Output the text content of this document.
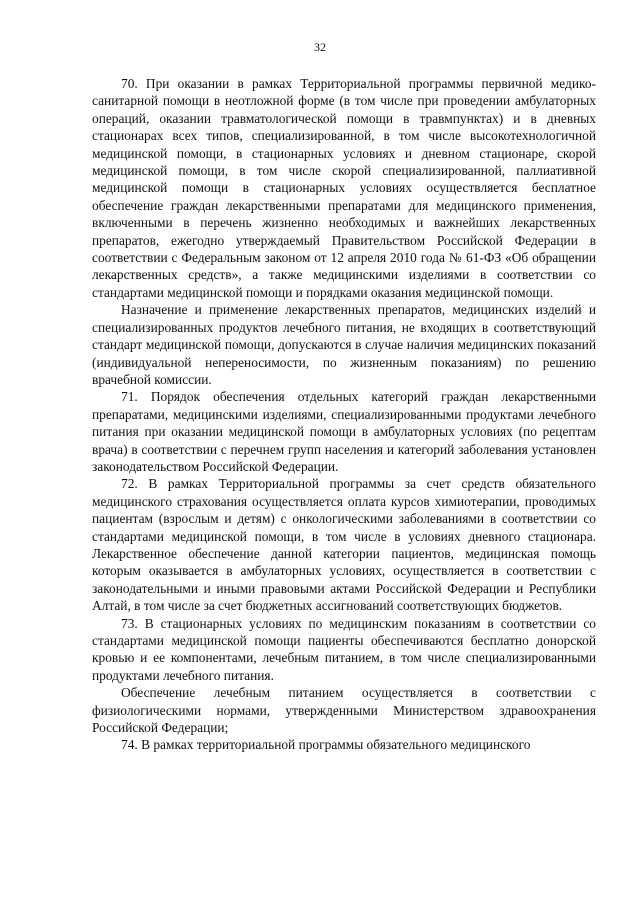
32

70. При оказании в рамках Территориальной программы первичной медико-санитарной помощи в неотложной форме (в том числе при проведении амбулаторных операций, оказании травматологической помощи в травмпунктах) и в дневных стационарах всех типов, специализированной, в том числе высокотехнологичной медицинской помощи, в стационарных условиях и дневном стационаре, скорой медицинской помощи, в том числе скорой специализированной, паллиативной медицинской помощи в стационарных условиях осуществляется бесплатное обеспечение граждан лекарственными препаратами для медицинского применения, включенными в перечень жизненно необходимых и важнейших лекарственных препаратов, ежегодно утверждаемый Правительством Российской Федерации в соответствии с Федеральным законом от 12 апреля 2010 года № 61-ФЗ «Об обращении лекарственных средств», а также медицинскими изделиями в соответствии со стандартами медицинской помощи и порядками оказания медицинской помощи.

Назначение и применение лекарственных препаратов, медицинских изделий и специализированных продуктов лечебного питания, не входящих в соответствующий стандарт медицинской помощи, допускаются в случае наличия медицинских показаний (индивидуальной непереносимости, по жизненным показаниям) по решению врачебной комиссии.

71. Порядок обеспечения отдельных категорий граждан лекарственными препаратами, медицинскими изделиями, специализированными продуктами лечебного питания при оказании медицинской помощи в амбулаторных условиях (по рецептам врача) в соответствии с перечнем групп населения и категорий заболевания установлен законодательством Российской Федерации.

72. В рамках Территориальной программы за счет средств обязательного медицинского страхования осуществляется оплата курсов химиотерапии, проводимых пациентам (взрослым и детям) с онкологическими заболеваниями в соответствии со стандартами медицинской помощи, в том числе в условиях дневного стационара. Лекарственное обеспечение данной категории пациентов, медицинская помощь которым оказывается в амбулаторных условиях, осуществляется в соответствии с законодательными и иными правовыми актами Российской Федерации и Республики Алтай, в том числе за счет бюджетных ассигнований соответствующих бюджетов.

73. В стационарных условиях по медицинским показаниям в соответствии со стандартами медицинской помощи пациенты обеспечиваются бесплатно донорской кровью и ее компонентами, лечебным питанием, в том числе специализированными продуктами лечебного питания.

Обеспечение лечебным питанием осуществляется в соответствии с физиологическими нормами, утвержденными Министерством здравоохранения Российской Федерации;

74. В рамках территориальной программы обязательного медицинского
